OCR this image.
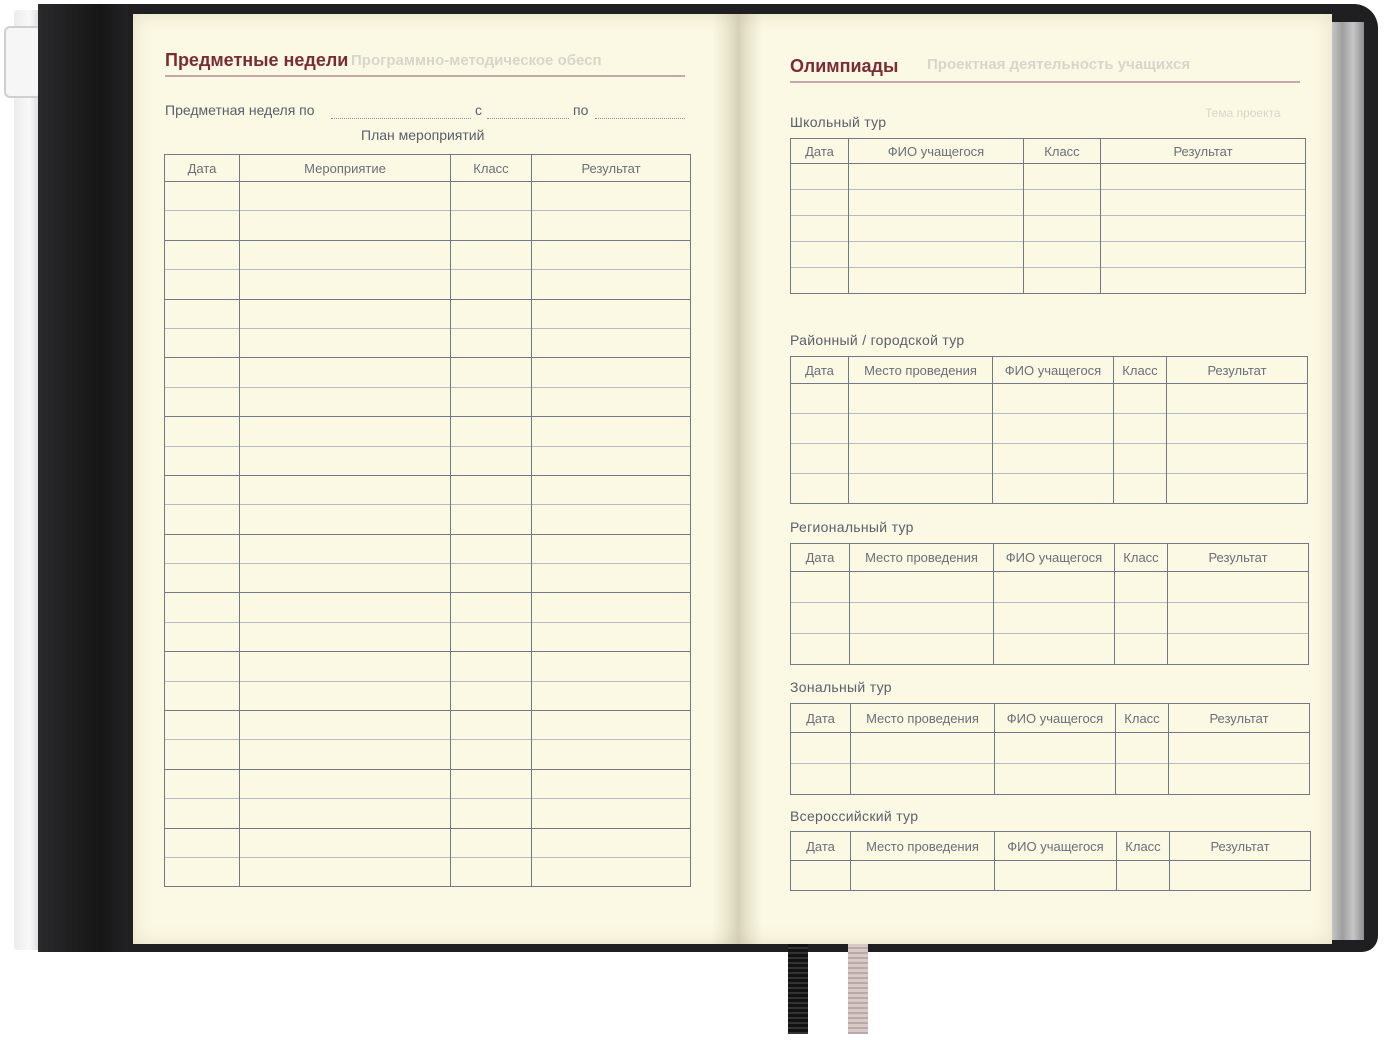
Программно-методическое обесп
Предметные недели
Предметная неделя по	с	по
План мероприятий
Дата	Мероприятие	Класс	Результат

Проектная деятельность учащихся
Тема проекта
Олимпиады
Школьный тур
Дата	ФИО учащегося	Класс	Результат

Районный / городской тур
Дата	Место проведения	ФИО учащегося	Класс	Результат

Региональный тур
Дата	Место проведения	ФИО учащегося	Класс	Результат

Зональный тур
Дата	Место проведения	ФИО учащегося	Класс	Результат

Всероссийский тур
Дата	Место проведения	ФИО учащегося	Класс	Результат
